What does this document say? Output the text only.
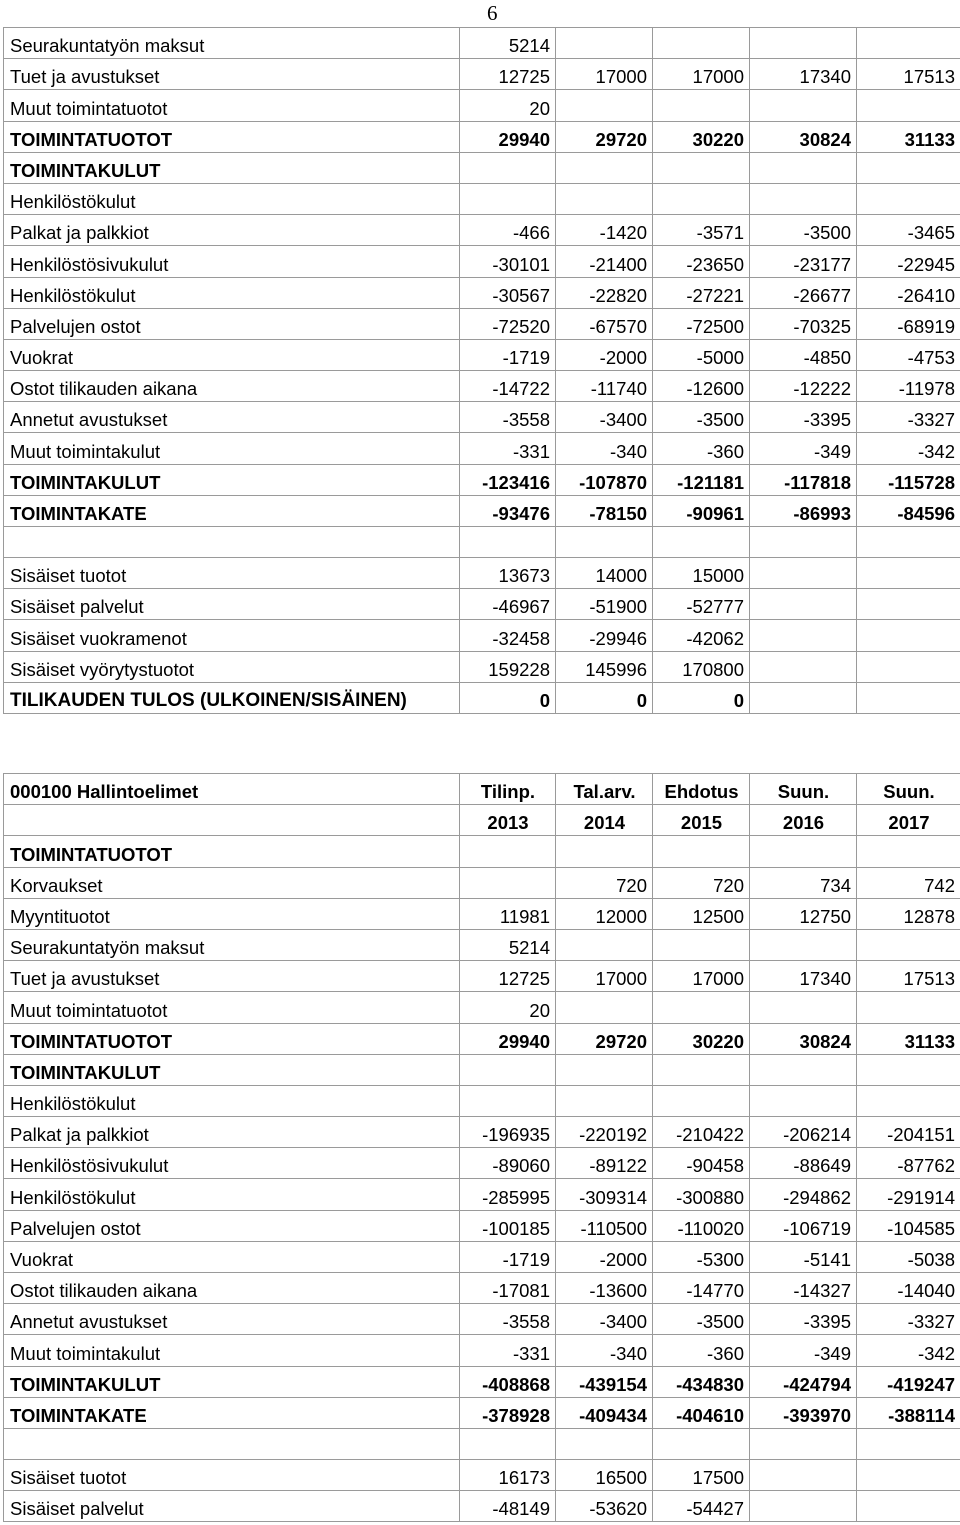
6
Seurakuntatyön maksut	5214				
Tuet ja avustukset	12725	17000	17000	17340	17513
Muut toimintatuotot	20				
TOIMINTATUOTOT	29940	29720	30220	30824	31133
TOIMINTAKULUT					
Henkilöstökulut					
Palkat ja palkkiot	-466	-1420	-3571	-3500	-3465
Henkilöstösivukulut	-30101	-21400	-23650	-23177	-22945
Henkilöstökulut	-30567	-22820	-27221	-26677	-26410
Palvelujen ostot	-72520	-67570	-72500	-70325	-68919
Vuokrat	-1719	-2000	-5000	-4850	-4753
Ostot tilikauden aikana	-14722	-11740	-12600	-12222	-11978
Annetut avustukset	-3558	-3400	-3500	-3395	-3327
Muut toimintakulut	-331	-340	-360	-349	-342
TOIMINTAKULUT	-123416	-107870	-121181	-117818	-115728
TOIMINTAKATE	-93476	-78150	-90961	-86993	-84596

Sisäiset tuotot	13673	14000	15000		
Sisäiset palvelut	-46967	-51900	-52777		
Sisäiset vuokramenot	-32458	-29946	-42062		
Sisäiset vyörytystuotot	159228	145996	170800		
TILIKAUDEN TULOS (ULKOINEN/SISÄINEN)	0	0	0		
000100 Hallintoelimet	Tilinp.	Tal.arv.	Ehdotus	Suun.	Suun.
	2013	2014	2015	2016	2017
TOIMINTATUOTOT					
Korvaukset		720	720	734	742
Myyntituotot	11981	12000	12500	12750	12878
Seurakuntatyön maksut	5214				
Tuet ja avustukset	12725	17000	17000	17340	17513
Muut toimintatuotot	20				
TOIMINTATUOTOT	29940	29720	30220	30824	31133
TOIMINTAKULUT					
Henkilöstökulut					
Palkat ja palkkiot	-196935	-220192	-210422	-206214	-204151
Henkilöstösivukulut	-89060	-89122	-90458	-88649	-87762
Henkilöstökulut	-285995	-309314	-300880	-294862	-291914
Palvelujen ostot	-100185	-110500	-110020	-106719	-104585
Vuokrat	-1719	-2000	-5300	-5141	-5038
Ostot tilikauden aikana	-17081	-13600	-14770	-14327	-14040
Annetut avustukset	-3558	-3400	-3500	-3395	-3327
Muut toimintakulut	-331	-340	-360	-349	-342
TOIMINTAKULUT	-408868	-439154	-434830	-424794	-419247
TOIMINTAKATE	-378928	-409434	-404610	-393970	-388114

Sisäiset tuotot	16173	16500	17500		
Sisäiset palvelut	-48149	-53620	-54427		
